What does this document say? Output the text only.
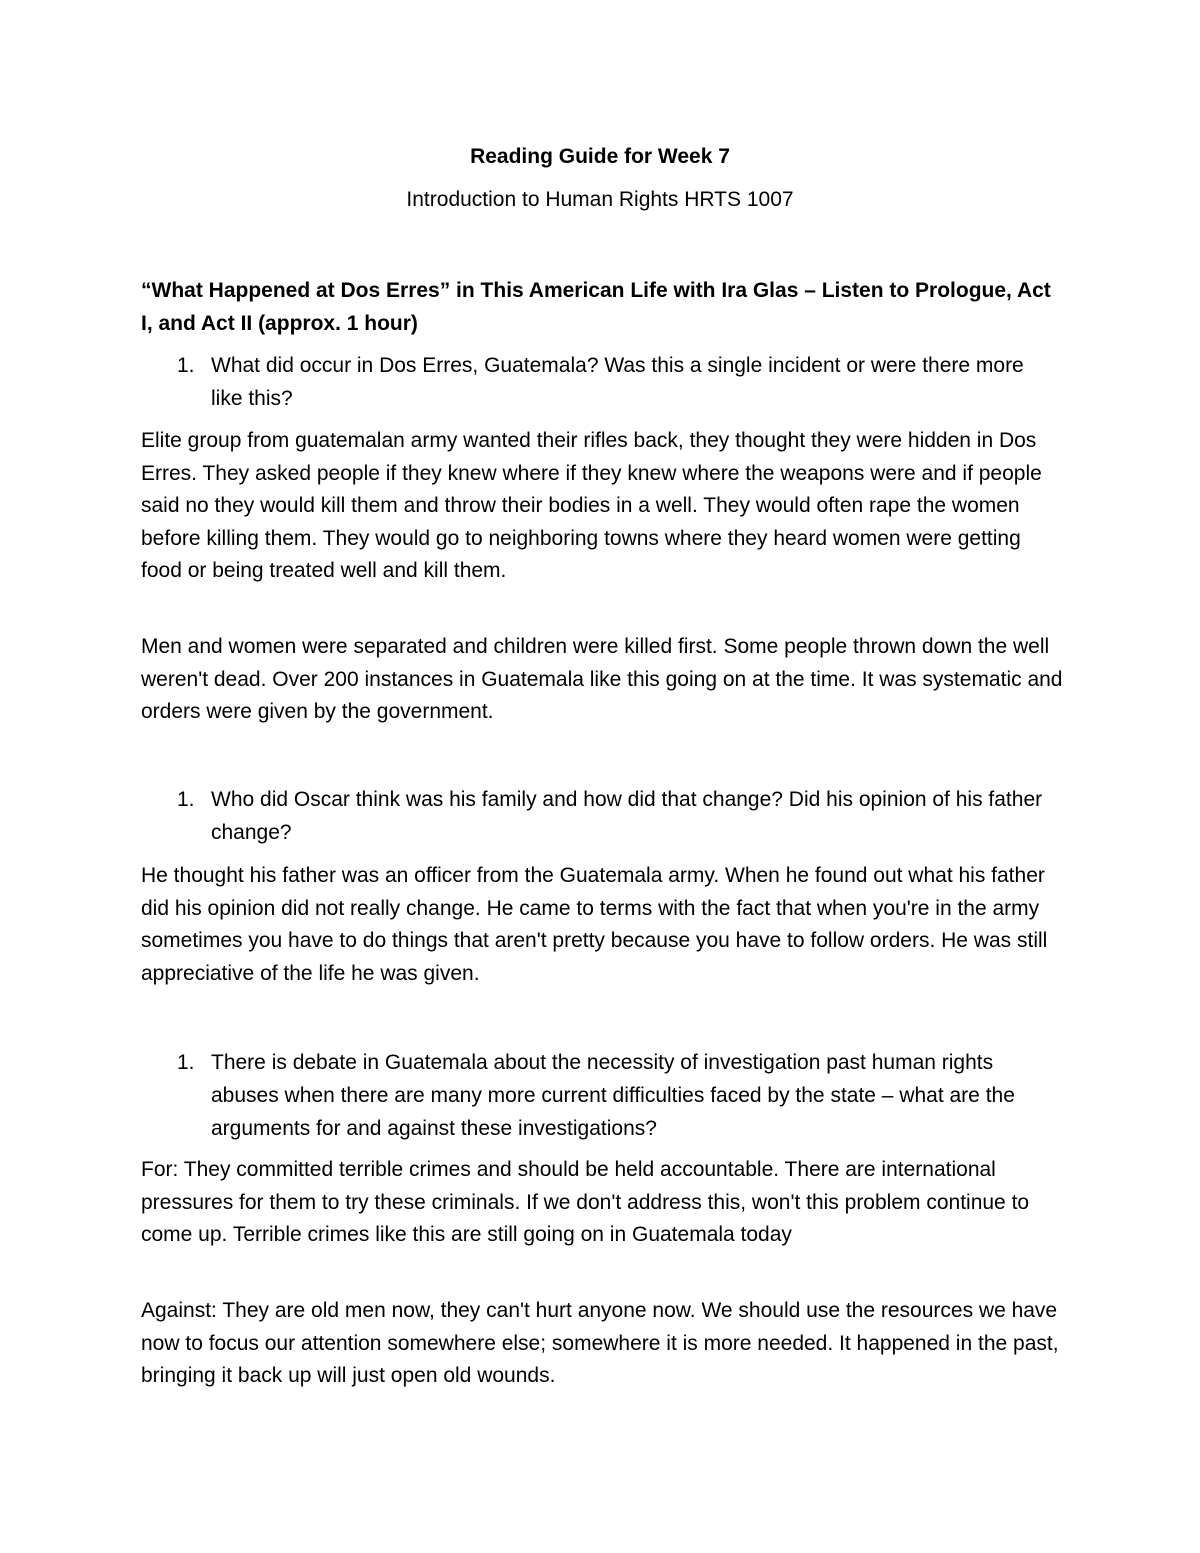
Reading Guide for Week 7

Introduction to Human Rights HRTS 1007

“What Happened at Dos Erres” in This American Life with Ira Glas – Listen to Prologue, Act I, and Act II (approx. 1 hour)

1. What did occur in Dos Erres, Guatemala? Was this a single incident or were there more like this?

Elite group from guatemalan army wanted their rifles back, they thought they were hidden in Dos Erres. They asked people if they knew where if they knew where the weapons were and if people said no they would kill them and throw their bodies in a well. They would often rape the women before killing them. They would go to neighboring towns where they heard women were getting food or being treated well and kill them.

Men and women were separated and children were killed first. Some people thrown down the well weren't dead. Over 200 instances in Guatemala like this going on at the time. It was systematic and orders were given by the government.

1. Who did Oscar think was his family and how did that change? Did his opinion of his father change?

He thought his father was an officer from the Guatemala army. When he found out what his father did his opinion did not really change. He came to terms with the fact that when you're in the army sometimes you have to do things that aren't pretty because you have to follow orders. He was still appreciative of the life he was given.

1. There is debate in Guatemala about the necessity of investigation past human rights abuses when there are many more current difficulties faced by the state – what are the arguments for and against these investigations?

For: They committed terrible crimes and should be held accountable. There are international pressures for them to try these criminals. If we don't address this, won't this problem continue to come up. Terrible crimes like this are still going on in Guatemala today

Against: They are old men now, they can't hurt anyone now. We should use the resources we have now to focus our attention somewhere else; somewhere it is more needed. It happened in the past, bringing it back up will just open old wounds.
